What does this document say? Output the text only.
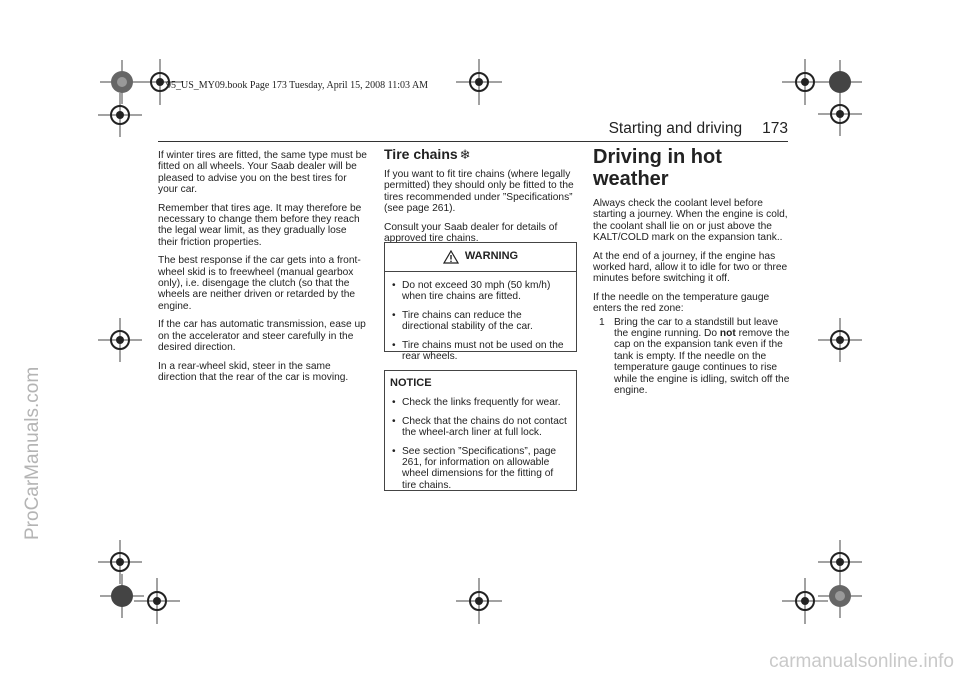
ProCarManuals.com
95_US_MY09.book Page 173 Tuesday, April 15, 2008 11:03 AM
Starting and driving 173

If winter tires are fitted, the same type must be fitted on all wheels. Your Saab dealer will be pleased to advise you on the best tires for your car.

Remember that tires age. It may therefore be necessary to change them before they reach the legal wear limit, as they gradually lose their friction properties.

The best response if the car gets into a front-wheel skid is to freewheel (manual gearbox only), i.e. disengage the clutch (so that the wheels are neither driven or retarded by the engine.

If the car has automatic transmission, ease up on the accelerator and steer carefully in the desired direction.

In a rear-wheel skid, steer in the same direction that the rear of the car is moving.

Tire chains ❄

If you want to fit tire chains (where legally permitted) they should only be fitted to the tires recommended under ”Specifications” (see page 261).

Consult your Saab dealer for details of approved tire chains.

WARNING
• Do not exceed 30 mph (50 km/h) when tire chains are fitted.
• Tire chains can reduce the directional stability of the car.
• Tire chains must not be used on the rear wheels.
NOTICE
• Check the links frequently for wear.
• Check that the chains do not contact the wheel-arch liner at full lock.
• See section ”Specifications”, page 261, for information on allowable wheel dimensions for the fitting of tire chains.
Driving in hot weather

Always check the coolant level before starting a journey. When the engine is cold, the coolant shall lie on or just above the KALT/COLD mark on the expansion tank..

At the end of a journey, if the engine has worked hard, allow it to idle for two or three minutes before switching it off.

If the needle on the temperature gauge enters the red zone:

1 Bring the car to a standstill but leave the engine running. Do not remove the cap on the expansion tank even if the tank is empty. If the needle on the temperature gauge continues to rise while the engine is idling, switch off the engine.
carmanualsonline.info
